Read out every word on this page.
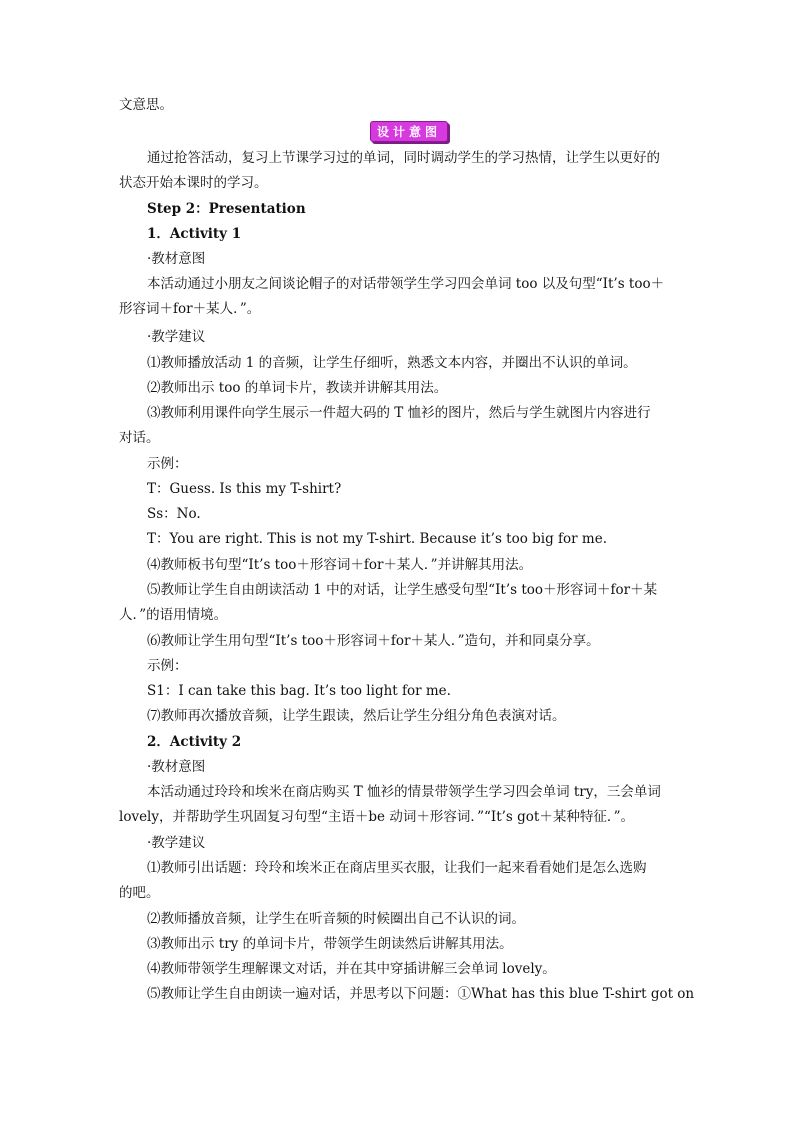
文意思。
设计意图
通过抢答活动，复习上节课学习过的单词，同时调动学生的学习热情，让学生以更好的
状态开始本课时的学习。
Step 2：Presentation
1．Activity 1
·教材意图
本活动通过小朋友之间谈论帽子的对话带领学生学习四会单词 too 以及句型“It’s too＋
形容词＋for＋某人．”。
·教学建议
⑴教师播放活动 1 的音频，让学生仔细听，熟悉文本内容，并圈出不认识的单词。
⑵教师出示 too 的单词卡片，教读并讲解其用法。
⑶教师利用课件向学生展示一件超大码的 T 恤衫的图片，然后与学生就图片内容进行
对话。
示例：
T：Guess. Is this my T-shirt?
Ss：No.
T：You are right. This is not my T-shirt. Because it’s too big for me.
⑷教师板书句型“It’s too＋形容词＋for＋某人．”并讲解其用法。
⑸教师让学生自由朗读活动 1 中的对话，让学生感受句型“It’s too＋形容词＋for＋某
人．”的语用情境。
⑹教师让学生用句型“It’s too＋形容词＋for＋某人．”造句，并和同桌分享。
示例：
S1：I can take this bag. It’s too light for me.
⑺教师再次播放音频，让学生跟读，然后让学生分组分角色表演对话。
2．Activity 2
·教材意图
本活动通过玲玲和埃米在商店购买 T 恤衫的情景带领学生学习四会单词 try，三会单词
lovely，并帮助学生巩固复习句型“主语＋be 动词＋形容词．”“It’s got＋某种特征．”。
·教学建议
⑴教师引出话题：玲玲和埃米正在商店里买衣服，让我们一起来看看她们是怎么选购
的吧。
⑵教师播放音频，让学生在听音频的时候圈出自己不认识的词。
⑶教师出示 try 的单词卡片，带领学生朗读然后讲解其用法。
⑷教师带领学生理解课文对话，并在其中穿插讲解三会单词 lovely。
⑸教师让学生自由朗读一遍对话，并思考以下问题：①What has this blue T-shirt got on
